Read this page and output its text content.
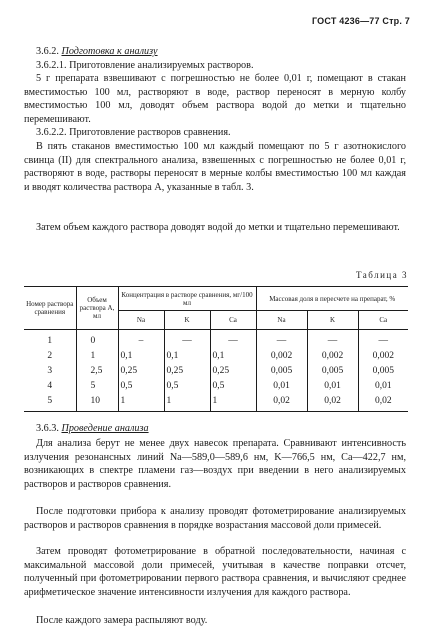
ГОСТ 4236—77 Стр. 7

3.6.2. Подготовка к анализу

3.6.2.1. Приготовление анализируемых растворов.

5 г препарата взвешивают с погрешностью не более 0,01 г, помещают в стакан вместимостью 100 мл, растворяют в воде, раствор переносят в мерную колбу вместимостью 100 мл, доводят объем раствора водой до метки и тщательно перемешивают.

3.6.2.2. Приготовление растворов сравнения.

В пять стаканов вместимостью 100 мл каждый помещают по 5 г азотнокислого свинца (II) для спектрального анализа, взвешенных с погрешностью не более 0,01 г, растворяют в воде, растворы переносят в мерные колбы вместимостью 100 мл каждая и вводят количества раствора А, указанные в табл. 3.

Затем объем каждого раствора доводят водой до метки и тщательно перемешивают.

Таблица 3
Номер раствора сравнения	Объем раствора А, мл	Концентрация в растворе сравнения, мг/100 мл			Массовая доля в пересчете на препарат, %		
		Na	K	Ca	Na	K	Ca
1	0	–	—	—	—	—	—
2	1	0,1	0,1	0,1	0,002	0,002	0,002
3	2,5	0,25	0,25	0,25	0,005	0,005	0,005
4	5	0,5	0,5	0,5	0,01	0,01	0,01
5	10	1	1	1	0,02	0,02	0,02

3.6.3. Проведение анализа

Для анализа берут не менее двух навесок препарата. Сравнивают интенсивность излучения резонансных линий Na—589,0—589,6 нм, K—766,5 нм, Ca—422,7 нм, возникающих в спектре пламени газ—воздух при введении в него анализируемых растворов и растворов сравнения.

После подготовки прибора к анализу проводят фотометрирование анализируемых растворов и растворов сравнения в порядке возрастания массовой доли примесей.

Затем проводят фотометрирование в обратной последовательности, начиная с максимальной массовой доли примесей, учитывая в качестве поправки отсчет, полученный при фотометрировании первого раствора сравнения, и вычисляют среднее арифметическое значение интенсивности излучения для каждого раствора.

После каждого замера распыляют воду.
